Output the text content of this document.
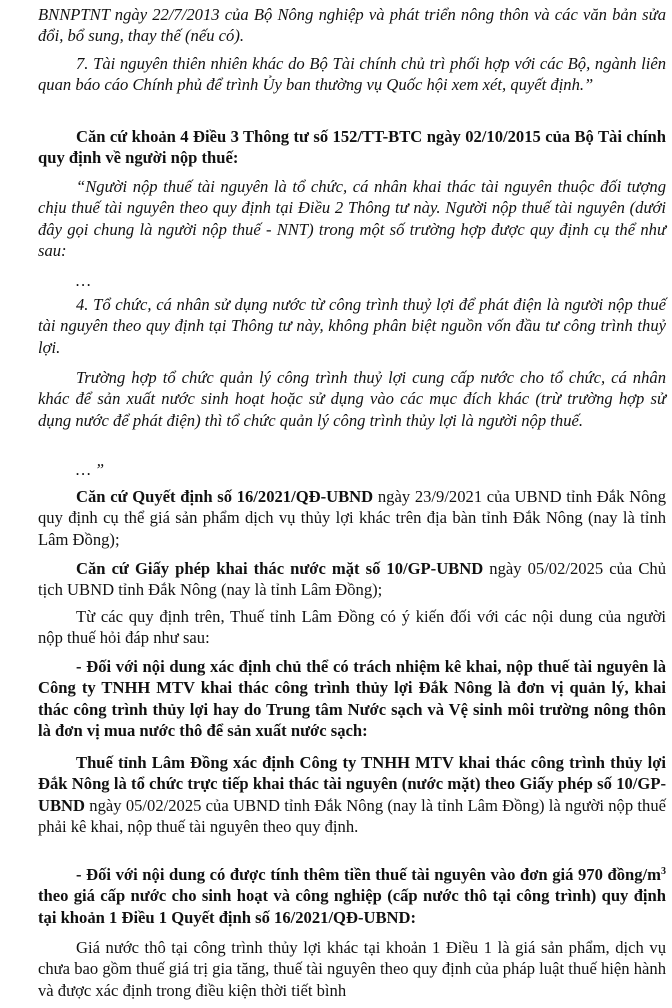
BNNPTNT ngày 22/7/2013 của Bộ Nông nghiệp và phát triển nông thôn và các văn bản sửa đổi, bổ sung, thay thế (nếu có).

7. Tài nguyên thiên nhiên khác do Bộ Tài chính chủ trì phối hợp với các Bộ, ngành liên quan báo cáo Chính phủ để trình Ủy ban thường vụ Quốc hội xem xét, quyết định.”

Căn cứ khoản 4 Điều 3 Thông tư số 152/TT-BTC ngày 02/10/2015 của Bộ Tài chính quy định về người nộp thuế:

“Người nộp thuế tài nguyên là tổ chức, cá nhân khai thác tài nguyên thuộc đối tượng chịu thuế tài nguyên theo quy định tại Điều 2 Thông tư này. Người nộp thuế tài nguyên (dưới đây gọi chung là người nộp thuế - NNT) trong một số trường hợp được quy định cụ thể như sau:

…

4. Tổ chức, cá nhân sử dụng nước từ công trình thuỷ lợi để phát điện là người nộp thuế tài nguyên theo quy định tại Thông tư này, không phân biệt nguồn vốn đầu tư công trình thuỷ lợi.

Trường hợp tổ chức quản lý công trình thuỷ lợi cung cấp nước cho tổ chức, cá nhân khác để sản xuất nước sinh hoạt hoặc sử dụng vào các mục đích khác (trừ trường hợp sử dụng nước để phát điện) thì tổ chức quản lý công trình thủy lợi là người nộp thuế.

… ”

Căn cứ Quyết định số 16/2021/QĐ-UBND ngày 23/9/2021 của UBND tỉnh Đắk Nông quy định cụ thể giá sản phẩm dịch vụ thủy lợi khác trên địa bàn tỉnh Đắk Nông (nay là tỉnh Lâm Đồng);

Căn cứ Giấy phép khai thác nước mặt số 10/GP-UBND ngày 05/02/2025 của Chủ tịch UBND tỉnh Đắk Nông (nay là tỉnh Lâm Đồng);

Từ các quy định trên, Thuế tỉnh Lâm Đồng có ý kiến đối với các nội dung của người nộp thuế hỏi đáp như sau:

- Đối với nội dung xác định chủ thể có trách nhiệm kê khai, nộp thuế tài nguyên là Công ty TNHH MTV khai thác công trình thủy lợi Đắk Nông là đơn vị quản lý, khai thác công trình thủy lợi hay do Trung tâm Nước sạch và Vệ sinh môi trường nông thôn là đơn vị mua nước thô để sản xuất nước sạch:

Thuế tỉnh Lâm Đồng xác định Công ty TNHH MTV khai thác công trình thủy lợi Đắk Nông là tổ chức trực tiếp khai thác tài nguyên (nước mặt) theo Giấy phép số 10/GP-UBND ngày 05/02/2025 của UBND tỉnh Đắk Nông (nay là tỉnh Lâm Đồng) là người nộp thuế phải kê khai, nộp thuế tài nguyên theo quy định.

- Đối với nội dung có được tính thêm tiền thuế tài nguyên vào đơn giá 970 đồng/$m^3$ theo giá cấp nước cho sinh hoạt và công nghiệp (cấp nước thô tại công trình) quy định tại khoản 1 Điều 1 Quyết định số 16/2021/QĐ-UBND:

Giá nước thô tại công trình thủy lợi khác tại khoản 1 Điều 1 là giá sản phẩm, dịch vụ chưa bao gồm thuế giá trị gia tăng, thuế tài nguyên theo quy định của pháp luật thuế hiện hành và được xác định trong điều kiện thời tiết bình
